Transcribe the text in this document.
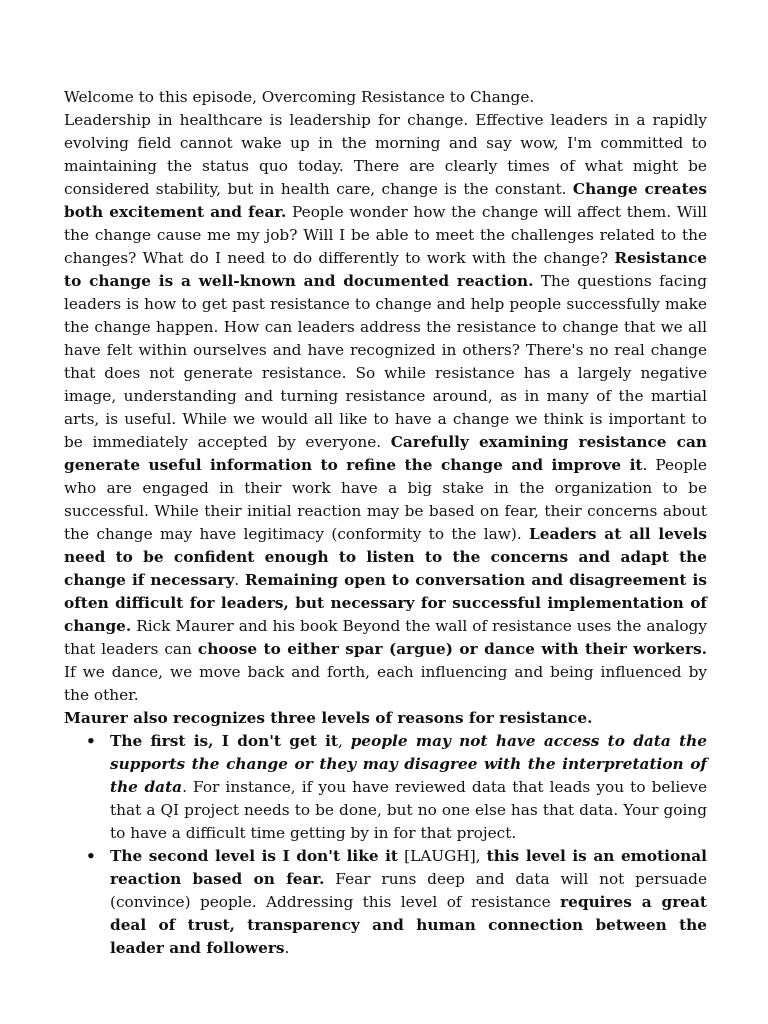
Welcome to this episode, Overcoming Resistance to Change.

Leadership in healthcare is leadership for change. Effective leaders in a rapidly evolving field cannot wake up in the morning and say wow, I'm committed to maintaining the status quo today. There are clearly times of what might be considered stability, but in health care, change is the constant. Change creates both excitement and fear. People wonder how the change will affect them. Will the change cause me my job? Will I be able to meet the challenges related to the changes? What do I need to do differently to work with the change? Resistance to change is a well-known and documented reaction. The questions facing leaders is how to get past resistance to change and help people successfully make the change happen. How can leaders address the resistance to change that we all have felt within ourselves and have recognized in others? There's no real change that does not generate resistance. So while resistance has a largely negative image, understanding and turning resistance around, as in many of the martial arts, is useful. While we would all like to have a change we think is important to be immediately accepted by everyone. Carefully examining resistance can generate useful information to refine the change and improve it. People who are engaged in their work have a big stake in the organization to be successful. While their initial reaction may be based on fear, their concerns about the change may have legitimacy (conformity to the law). Leaders at all levels need to be confident enough to listen to the concerns and adapt the change if necessary. Remaining open to conversation and disagreement is often difficult for leaders, but necessary for successful implementation of change. Rick Maurer and his book Beyond the wall of resistance uses the analogy that leaders can choose to either spar (argue) or dance with their workers. If we dance, we move back and forth, each influencing and being influenced by the other.

Maurer also recognizes three levels of reasons for resistance.

• The first is, I don't get it, people may not have access to data the supports the change or they may disagree with the interpretation of the data. For instance, if you have reviewed data that leads you to believe that a QI project needs to be done, but no one else has that data. Your going to have a difficult time getting by in for that project.
• The second level is I don't like it [LAUGH], this level is an emotional reaction based on fear. Fear runs deep and data will not persuade (convince) people. Addressing this level of resistance requires a great deal of trust, transparency and human connection between the leader and followers.
